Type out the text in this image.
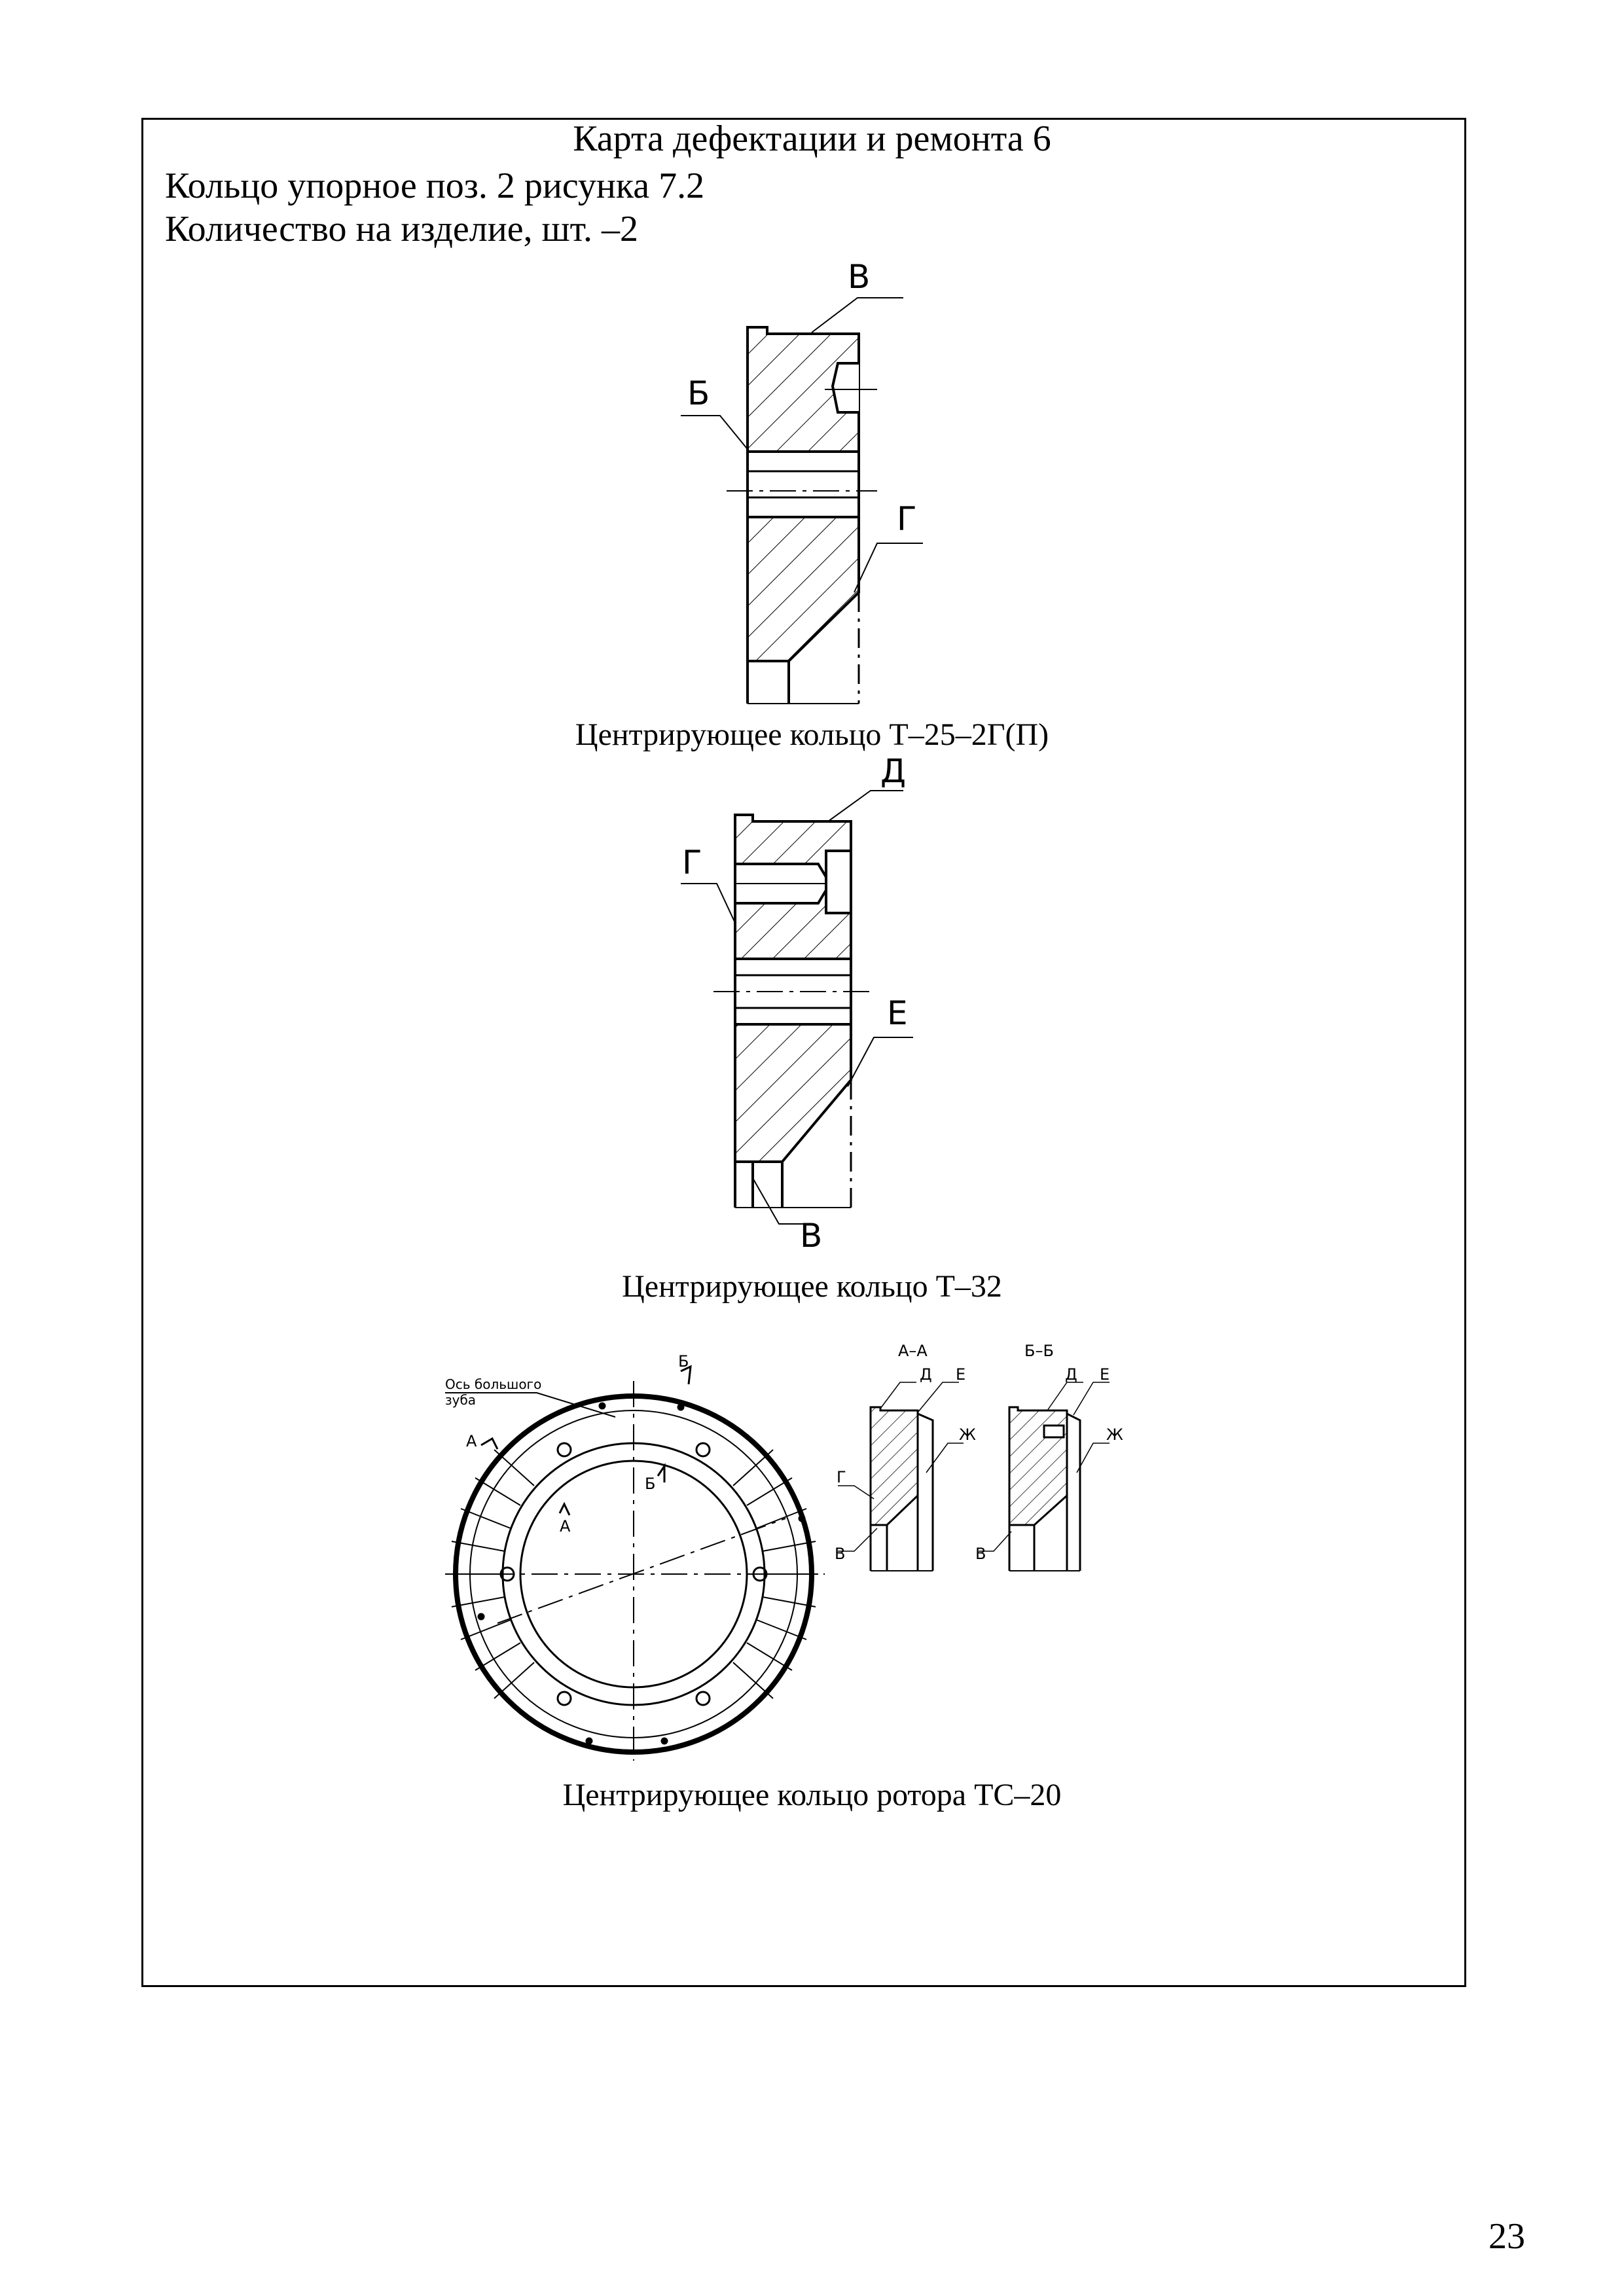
Карта дефектации и ремонта 6
Кольцо упорное поз. 2 рисунка 7.2
Количество на изделие, шт. –2
В
Б
Г
Д
Г
Е
В
Ось большого
зуба
А
Б
А
Б
А–А
Д Е
Ж
Г
В
Б–Б
Д Е
Ж
В
Центрирующее кольцо Т–25–2Г(П)
Центрирующее кольцо Т–32
Центрирующее кольцо ротора ТС–20
23
